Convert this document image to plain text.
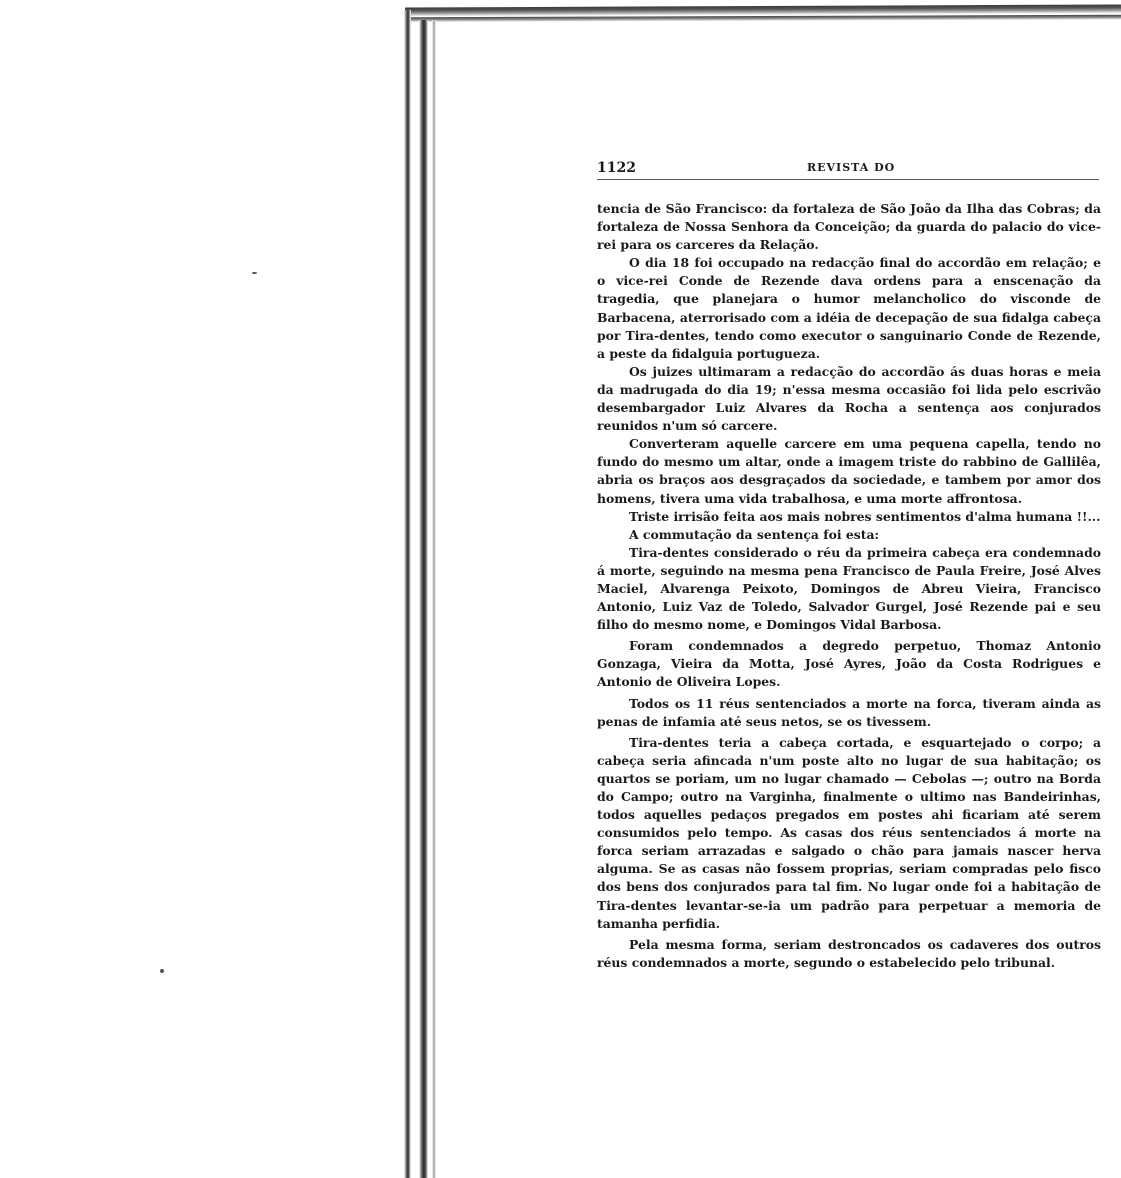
1122	REVISTA DO

tencia de São Francisco: da fortaleza de São João da Ilha das Cobras; da fortaleza de Nossa Senhora da Conceição; da guarda do palacio do vice-rei para os carceres da Relação.

O dia 18 foi occupado na redacção final do accordão em relação; e o vice-rei Conde de Rezende dava ordens para a enscenação da tragedia, que planejara o humor melancholico do visconde de Barbacena, aterrorisado com a idéia de decepação de sua fidalga cabeça por Tira-dentes, tendo como executor o sanguinario Conde de Rezende, a peste da fidalguia portugueza.

Os juizes ultimaram a redacção do accordão ás duas horas e meia da madrugada do dia 19; n'essa mesma occasião foi lida pelo escrivão desembargador Luiz Alvares da Rocha a sentença aos conjurados reunidos n'um só carcere.

Converteram aquelle carcere em uma pequena capella, tendo no fundo do mesmo um altar, onde a imagem triste do rabbino de Gallilêa, abria os braços aos desgraçados da sociedade, e tambem por amor dos homens, tivera uma vida trabalhosa, e uma morte affrontosa.

Triste irrisão feita aos mais nobres sentimentos d'alma humana !!...

A commutação da sentença foi esta:

Tira-dentes considerado o réu da primeira cabeça era condemnado á morte, seguindo na mesma pena Francisco de Paula Freire, José Alves Maciel, Alvarenga Peixoto, Domingos de Abreu Vieira, Francisco Antonio, Luiz Vaz de Toledo, Salvador Gurgel, José Rezende pai e seu filho do mesmo nome, e Domingos Vidal Barbosa.

Foram condemnados a degredo perpetuo, Thomaz Antonio Gonzaga, Vieira da Motta, José Ayres, João da Costa Rodrigues e Antonio de Oliveira Lopes.

Todos os 11 réus sentenciados a morte na forca, tiveram ainda as penas de infamia até seus netos, se os tivessem.

Tira-dentes teria a cabeça cortada, e esquartejado o corpo; a cabeça seria afincada n'um poste alto no lugar de sua habitação; os quartos se poriam, um no lugar chamado — Cebolas —; outro na Borda do Campo; outro na Varginha, finalmente o ultimo nas Bandeirinhas, todos aquelles pedaços pregados em postes ahi ficariam até serem consumidos pelo tempo. As casas dos réus sentenciados á morte na forca seriam arrazadas e salgado o chão para jamais nascer herva alguma. Se as casas não fossem proprias, seriam compradas pelo fisco dos bens dos conjurados para tal fim. No lugar onde foi a habitação de Tira-dentes levantar-se-ia um padrão para perpetuar a memoria de tamanha perfidia.

Pela mesma forma, seriam destroncados os cadaveres dos outros réus condemnados a morte, segundo o estabelecido pelo tribunal.
